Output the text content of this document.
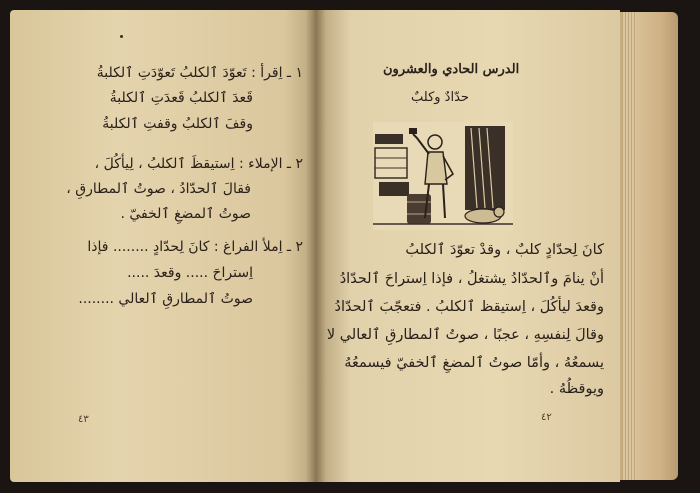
١ ـ اِقرأ : تَعوّدَ ٱلكلبُ تَعوّدَتِ ٱلكلبةُ
قَعدَ ٱلكلبُ قَعدَتِ ٱلكلبةُ
وقفَ ٱلكلبُ وقفتِ ٱلكلبةُ
٢ ـ الإملاء : اِستيقظَ ٱلكلبُ ، لِيأكُلَ ،
فقالَ ٱلحدّادُ ، صوتُ ٱلمطارقِ ،
صوتُ ٱلمضغِ ٱلخفيّ .
٢ ـ اِملأ الفراغ : كانَ لِحدّادٍ ........ فإذا
اِستراحَ ..... وقعدَ .....
صوتُ ٱلمطارقِ ٱلعالي ........
٤٣
الدرس الحادي والعشرون
حدّادٌ وكلبٌ
كانَ لِحدّادٍ كلبٌ ، وقدْ تعوّدَ ٱلكلبُ
أنْ ينامَ وٱلحدّادُ يشتغلُ ، فإذا اِستراحَ ٱلحدّادُ
وقعدَ ليأكُلَ ، اِستيقظ ٱلكلبُ . فتعجّبَ ٱلحدّادُ
وقالَ لِنفسِهِ ، عجبًا ، صوتُ ٱلمطارقِ ٱلعالي لا
يسمعُهُ ، وأمّا صوتُ ٱلمضغِ ٱلخفيّ فيسمعُهُ
ويوقظُهُ .
٤٢
